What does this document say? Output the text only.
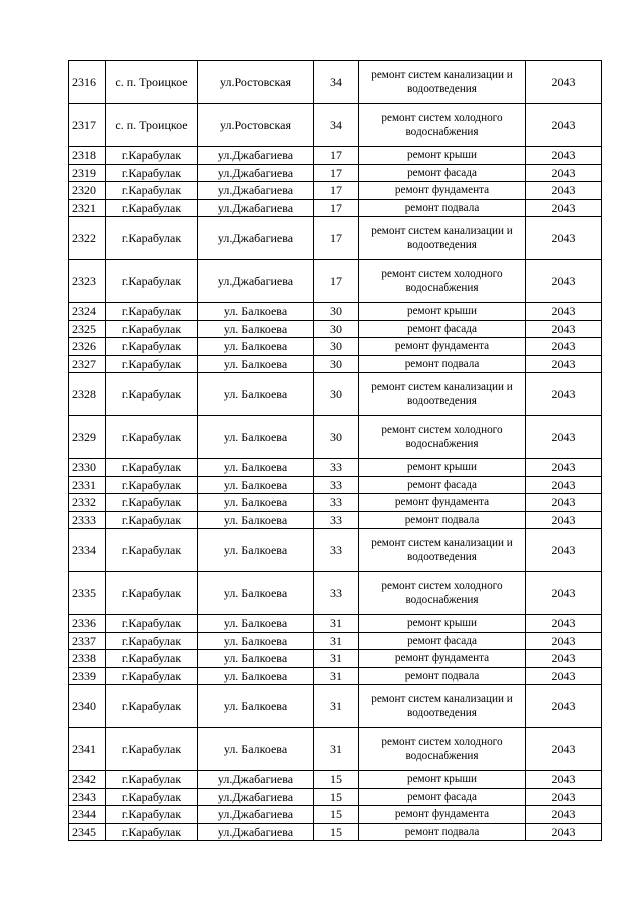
2316	с. п. Троицкое	ул.Ростовская	34	ремонт систем канализации и водоотведения	2043
2317	с. п. Троицкое	ул.Ростовская	34	ремонт систем холодного водоснабжения	2043
2318	г.Карабулак	ул.Джабагиева	17	ремонт крыши	2043
2319	г.Карабулак	ул.Джабагиева	17	ремонт фасада	2043
2320	г.Карабулак	ул.Джабагиева	17	ремонт фундамента	2043
2321	г.Карабулак	ул.Джабагиева	17	ремонт подвала	2043
2322	г.Карабулак	ул.Джабагиева	17	ремонт систем канализации и водоотведения	2043
2323	г.Карабулак	ул.Джабагиева	17	ремонт систем холодного водоснабжения	2043
2324	г.Карабулак	ул. Балкоева	30	ремонт крыши	2043
2325	г.Карабулак	ул. Балкоева	30	ремонт фасада	2043
2326	г.Карабулак	ул. Балкоева	30	ремонт фундамента	2043
2327	г.Карабулак	ул. Балкоева	30	ремонт подвала	2043
2328	г.Карабулак	ул. Балкоева	30	ремонт систем канализации и водоотведения	2043
2329	г.Карабулак	ул. Балкоева	30	ремонт систем холодного водоснабжения	2043
2330	г.Карабулак	ул. Балкоева	33	ремонт крыши	2043
2331	г.Карабулак	ул. Балкоева	33	ремонт фасада	2043
2332	г.Карабулак	ул. Балкоева	33	ремонт фундамента	2043
2333	г.Карабулак	ул. Балкоева	33	ремонт подвала	2043
2334	г.Карабулак	ул. Балкоева	33	ремонт систем канализации и водоотведения	2043
2335	г.Карабулак	ул. Балкоева	33	ремонт систем холодного водоснабжения	2043
2336	г.Карабулак	ул. Балкоева	31	ремонт крыши	2043
2337	г.Карабулак	ул. Балкоева	31	ремонт фасада	2043
2338	г.Карабулак	ул. Балкоева	31	ремонт фундамента	2043
2339	г.Карабулак	ул. Балкоева	31	ремонт подвала	2043
2340	г.Карабулак	ул. Балкоева	31	ремонт систем канализации и водоотведения	2043
2341	г.Карабулак	ул. Балкоева	31	ремонт систем холодного водоснабжения	2043
2342	г.Карабулак	ул.Джабагиева	15	ремонт крыши	2043
2343	г.Карабулак	ул.Джабагиева	15	ремонт фасада	2043
2344	г.Карабулак	ул.Джабагиева	15	ремонт фундамента	2043
2345	г.Карабулак	ул.Джабагиева	15	ремонт подвала	2043
